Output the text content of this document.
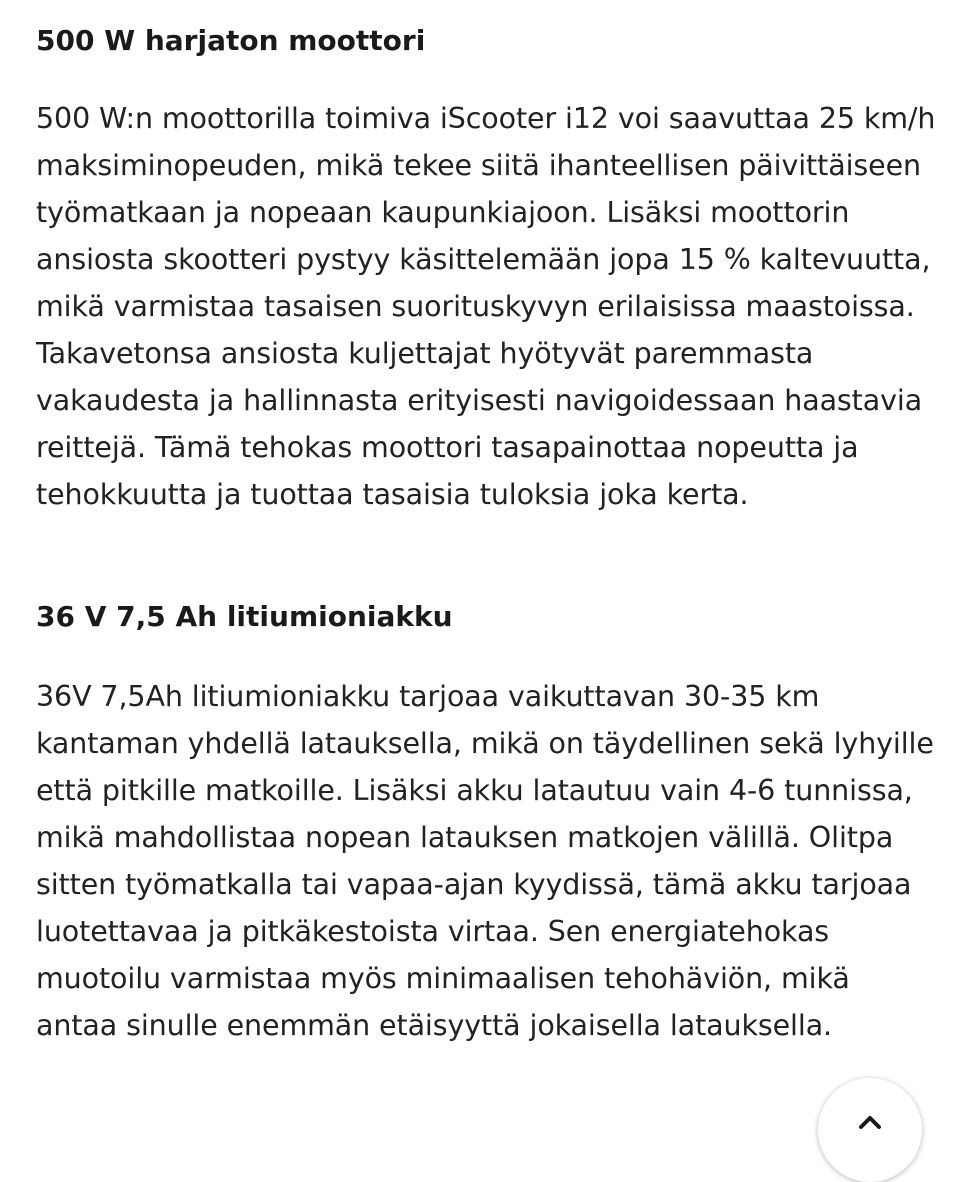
500 W harjaton moottori

500 W:n moottorilla toimiva iScooter i12 voi saavuttaa 25 km/h maksiminopeuden, mikä tekee siitä ihanteellisen päivittäiseen työmatkaan ja nopeaan kaupunkiajoon. Lisäksi moottorin ansiosta skootteri pystyy käsittelemään jopa 15 % kaltevuutta, mikä varmistaa tasaisen suorituskyvyn erilaisissa maastoissa. Takavetonsa ansiosta kuljettajat hyötyvät paremmasta vakaudesta ja hallinnasta erityisesti navigoidessaan haastavia reittejä. Tämä tehokas moottori tasapainottaa nopeutta ja tehokkuutta ja tuottaa tasaisia tuloksia joka kerta.

36 V 7,5 Ah litiumioniakku

36V 7,5Ah litiumioniakku tarjoaa vaikuttavan 30-35 km kantaman yhdellä latauksella, mikä on täydellinen sekä lyhyille että pitkille matkoille. Lisäksi akku latautuu vain 4-6 tunnissa, mikä mahdollistaa nopean latauksen matkojen välillä. Olitpa sitten työmatkalla tai vapaa-ajan kyydissä, tämä akku tarjoaa luotettavaa ja pitkäkestoista virtaa. Sen energiatehokas muotoilu varmistaa myös minimaalisen tehohäviön, mikä antaa sinulle enemmän etäisyyttä jokaisella latauksella.
